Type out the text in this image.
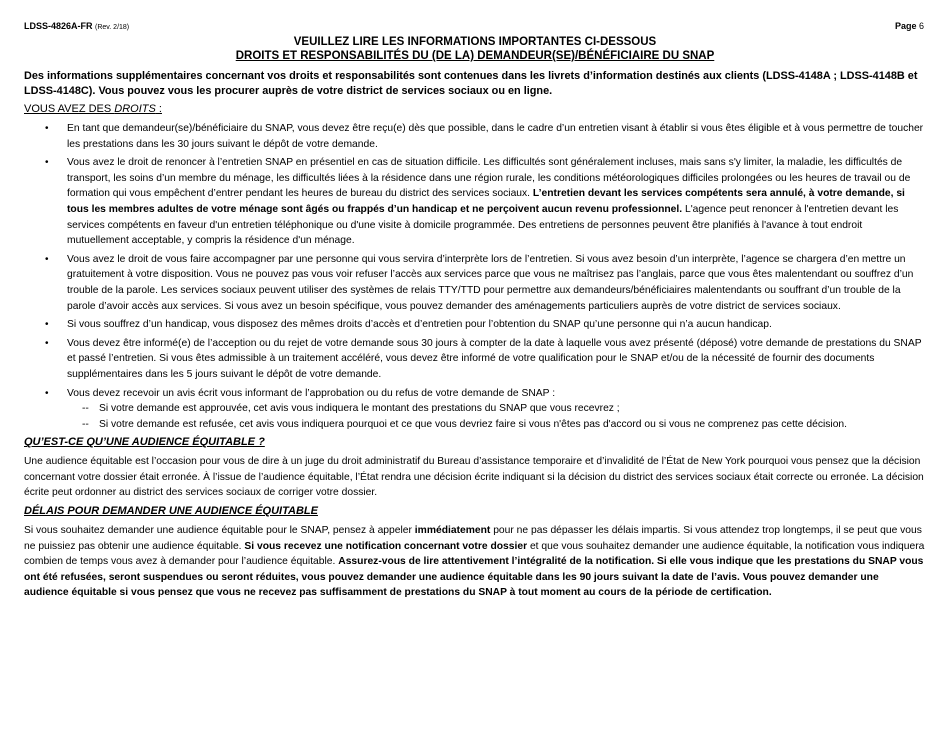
LDSS-4826A-FR (Rev. 2/18)	Page 6
VEUILLEZ LIRE LES INFORMATIONS IMPORTANTES CI-DESSOUS
DROITS ET RESPONSABILITÉS DU (DE LA) DEMANDEUR(SE)/BÉNÉFICIAIRE DU SNAP
Des informations supplémentaires concernant vos droits et responsabilités sont contenues dans les livrets d’information destinés aux clients (LDSS-4148A ; LDSS-4148B et LDSS-4148C). Vous pouvez vous les procurer auprès de votre district de services sociaux ou en ligne.
VOUS AVEZ DES DROITS :
• En tant que demandeur(se)/bénéficiaire du SNAP, vous devez être reçu(e) dès que possible, dans le cadre d’un entretien visant à établir si vous êtes éligible et à vous permettre de toucher les prestations dans les 30 jours suivant le dépôt de votre demande.
• Vous avez le droit de renoncer à l’entretien SNAP en présentiel en cas de situation difficile. Les difficultés sont généralement incluses, mais sans s'y limiter, la maladie, les difficultés de transport, les soins d’un membre du ménage, les difficultés liées à la résidence dans une région rurale, les conditions météorologiques difficiles prolongées ou les heures de travail ou de formation qui vous empêchent d’entrer pendant les heures de bureau du district des services sociaux. L’entretien devant les services compétents sera annulé, à votre demande, si tous les membres adultes de votre ménage sont âgés ou frappés d’un handicap et ne perçoivent aucun revenu professionnel. L'agence peut renoncer à l'entretien devant les services compétents en faveur d'un entretien téléphonique ou d'une visite à domicile programmée. Des entretiens de personnes peuvent être planifiés à l'avance à tout endroit mutuellement acceptable, y compris la résidence d'un ménage.
• Vous avez le droit de vous faire accompagner par une personne qui vous servira d’interprète lors de l’entretien. Si vous avez besoin d’un interprète, l’agence se chargera d’en mettre un gratuitement à votre disposition. Vous ne pouvez pas vous voir refuser l’accès aux services parce que vous ne maîtrisez pas l’anglais, parce que vous êtes malentendant ou souffrez d’un trouble de la parole. Les services sociaux peuvent utiliser des systèmes de relais TTY/TTD pour permettre aux demandeurs/bénéficiaires malentendants ou souffrant d’un trouble de la parole d’avoir accès aux services. Si vous avez un besoin spécifique, vous pouvez demander des aménagements particuliers auprès de votre district de services sociaux.
• Si vous souffrez d’un handicap, vous disposez des mêmes droits d’accès et d’entretien pour l’obtention du SNAP qu’une personne qui n’a aucun handicap.
• Vous devez être informé(e) de l’acception ou du rejet de votre demande sous 30 jours à compter de la date à laquelle vous avez présenté (déposé) votre demande de prestations du SNAP et passé l’entretien. Si vous êtes admissible à un traitement accéléré, vous devez être informé de votre qualification pour le SNAP et/ou de la nécessité de fournir des documents supplémentaires dans les 5 jours suivant le dépôt de votre demande.
• Vous devez recevoir un avis écrit vous informant de l’approbation ou du refus de votre demande de SNAP :
-- Si votre demande est approuvée, cet avis vous indiquera le montant des prestations du SNAP que vous recevrez ;
-- Si votre demande est refusée, cet avis vous indiquera pourquoi et ce que vous devriez faire si vous n'êtes pas d'accord ou si vous ne comprenez pas cette décision.
QU’EST-CE QU’UNE AUDIENCE ÉQUITABLE ?

Une audience équitable est l’occasion pour vous de dire à un juge du droit administratif du Bureau d’assistance temporaire et d’invalidité de l’État de New York pourquoi vous pensez que la décision concernant votre dossier était erronée. À l’issue de l’audience équitable, l’État rendra une décision écrite indiquant si la décision du district des services sociaux était correcte ou erronée. La décision écrite peut ordonner au district des services sociaux de corriger votre dossier.

DÉLAIS POUR DEMANDER UNE AUDIENCE ÉQUITABLE

Si vous souhaitez demander une audience équitable pour le SNAP, pensez à appeler immédiatement pour ne pas dépasser les délais impartis. Si vous attendez trop longtemps, il se peut que vous ne puissiez pas obtenir une audience équitable. Si vous recevez une notification concernant votre dossier et que vous souhaitez demander une audience équitable, la notification vous indiquera combien de temps vous avez à demander pour l’audience équitable. Assurez-vous de lire attentivement l’intégralité de la notification. Si elle vous indique que les prestations du SNAP vous ont été refusées, seront suspendues ou seront réduites, vous pouvez demander une audience équitable dans les 90 jours suivant la date de l’avis. Vous pouvez demander une audience équitable si vous pensez que vous ne recevez pas suffisamment de prestations du SNAP à tout moment au cours de la période de certification.
